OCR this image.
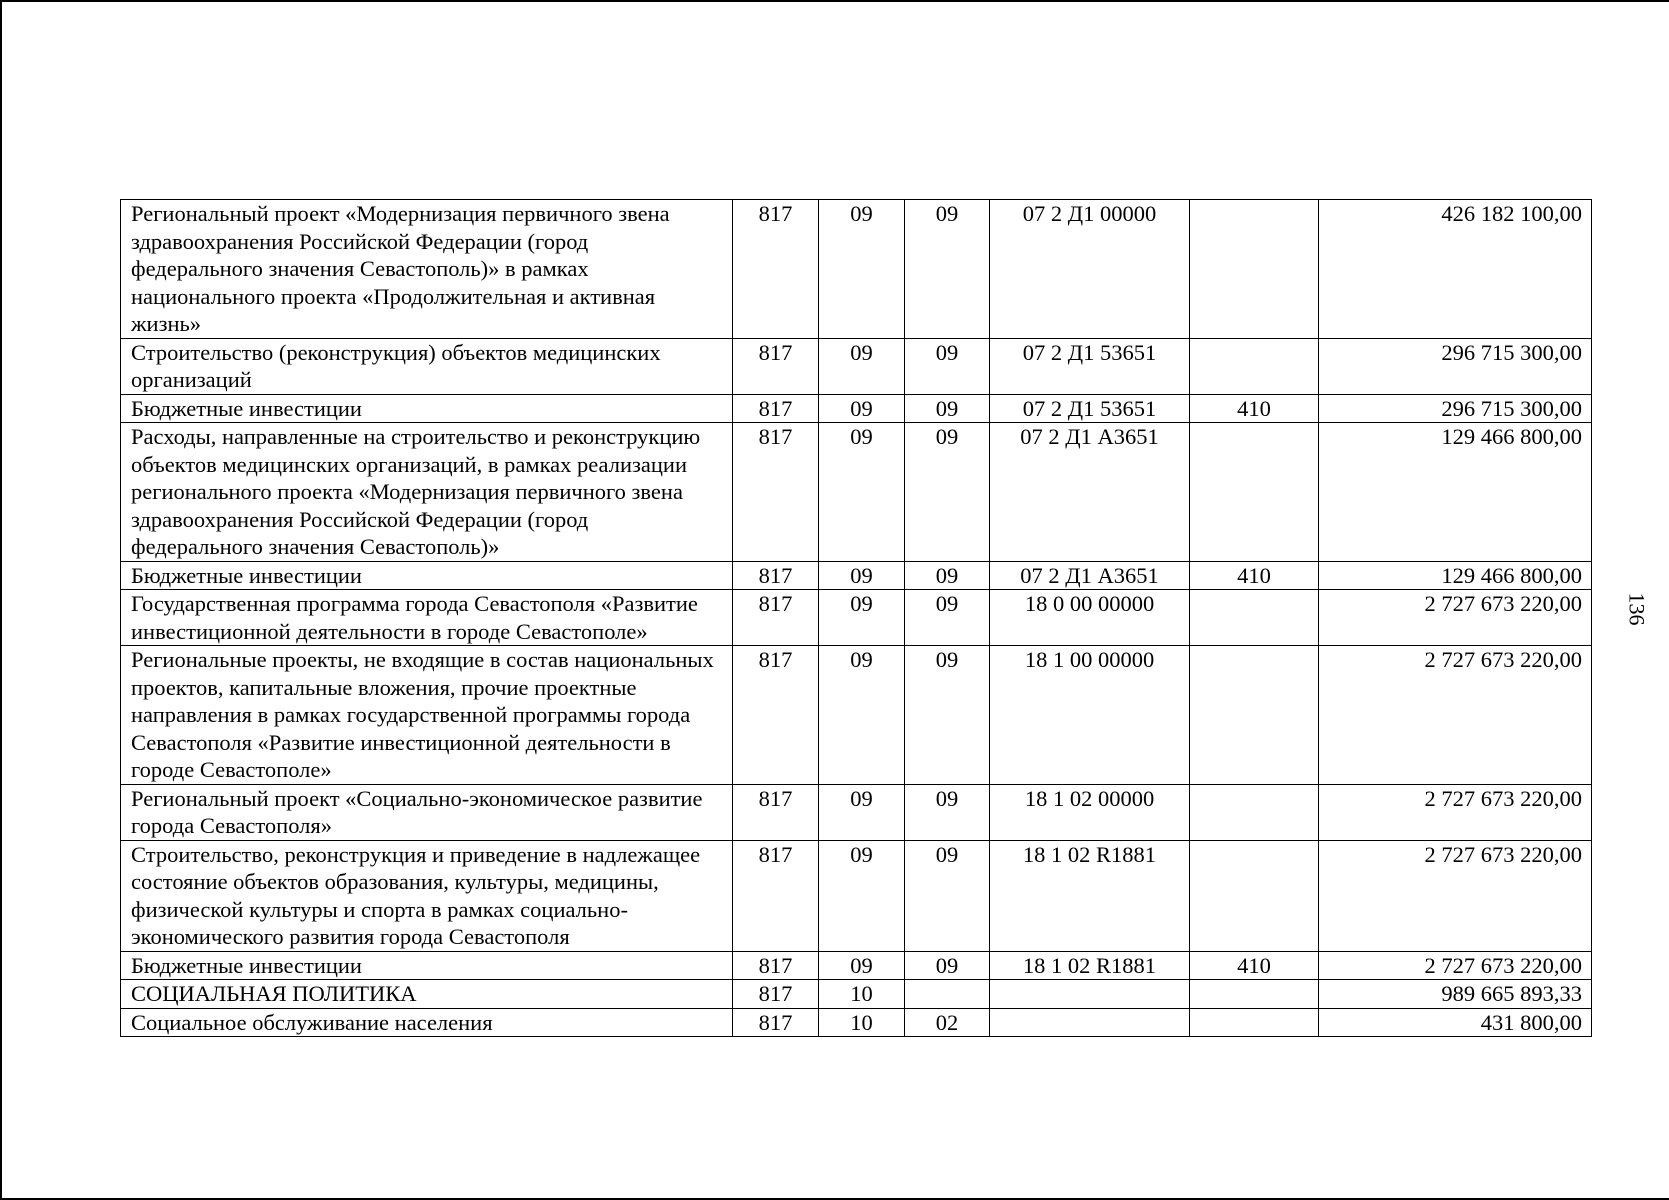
Региональный проект «Модернизация первичного звена здравоохранения Российской Федерации (город федерального значения Севастополь)» в рамках национального проекта «Продолжительная и активная жизнь»	817	09	09	07 2 Д1 00000		426 182 100,00
Строительство (реконструкция) объектов медицинских организаций	817	09	09	07 2 Д1 53651		296 715 300,00
Бюджетные инвестиции	817	09	09	07 2 Д1 53651	410	296 715 300,00
Расходы, направленные на строительство и реконструкцию объектов медицинских организаций, в рамках реализации регионального проекта «Модернизация первичного звена здравоохранения Российской Федерации (город федерального значения Севастополь)»	817	09	09	07 2 Д1 А3651		129 466 800,00
Бюджетные инвестиции	817	09	09	07 2 Д1 А3651	410	129 466 800,00
Государственная программа города Севастополя «Развитие инвестиционной деятельности в городе Севастополе»	817	09	09	18 0 00 00000		2 727 673 220,00
Региональные проекты, не входящие в состав национальных проектов, капитальные вложения, прочие проектные направления в рамках государственной программы города Севастополя «Развитие инвестиционной деятельности в городе Севастополе»	817	09	09	18 1 00 00000		2 727 673 220,00
Региональный проект «Социально-экономическое развитие города Севастополя»	817	09	09	18 1 02 00000		2 727 673 220,00
Строительство, реконструкция и приведение в надлежащее состояние объектов образования, культуры, медицины, физической культуры и спорта в рамках социально-экономического развития города Севастополя	817	09	09	18 1 02 R1881		2 727 673 220,00
Бюджетные инвестиции	817	09	09	18 1 02 R1881	410	2 727 673 220,00
СОЦИАЛЬНАЯ ПОЛИТИКА	817	10				989 665 893,33
Социальное обслуживание населения	817	10	02			431 800,00
136
